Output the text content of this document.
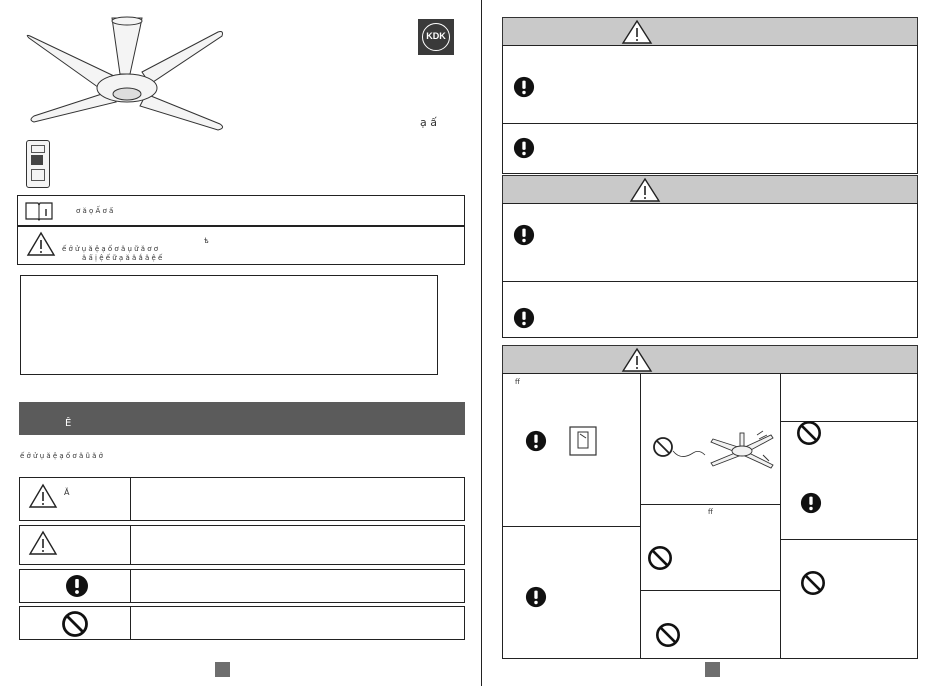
KDK
ạ ấ
ơ ă ọ Ấ ơ ấ
ѣ
ế ở ử ụ ă ệ ạ ố ơ ă ụ ữ ă ơ ơ
ă ấ ị ệ ế ữ ạ ă ă ắ ă ệ ế
Ê
ế ở ử ụ ă ệ ạ ố ơ ă ũ ă ở
Ă
ff
ff
